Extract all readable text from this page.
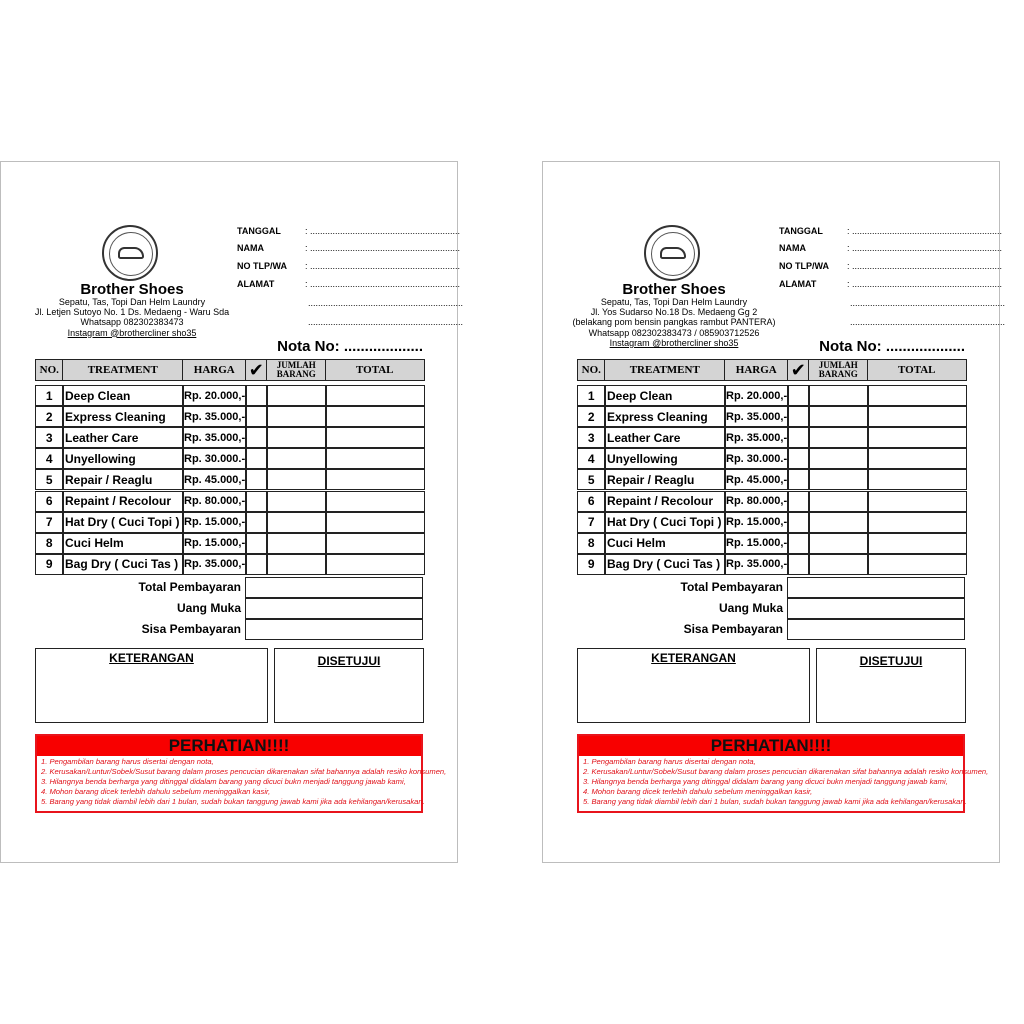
Brother Shoes
Sepatu, Tas, Topi Dan Helm Laundry
Jl. Letjen Sutoyo No. 1 Ds. Medaeng - Waru Sda
Whatsapp 082302383473
Instagram @brothercliner sho35
TANGGAL	: ............................................................
NAMA	: ............................................................
NO TLP/WA : ............................................................
ALAMAT	: ............................................................
..............................................................
..............................................................
Nota No: ...................
NO.	TREATMENT	HARGA ✔	JUMLAH BARANG	TOTAL
1	Deep Clean	Rp. 20.000,-
2	Express Cleaning	Rp. 35.000,-
3	Leather Care	Rp. 35.000,-
4	Unyellowing	Rp. 30.000.-
5	Repair / Reaglu	Rp. 45.000,-
6	Repaint / Recolour	Rp. 80.000,-
7	Hat Dry ( Cuci Topi ) Rp. 15.000,-
8	Cuci Helm	Rp. 15.000,-
9	Bag Dry ( Cuci Tas ) Rp. 35.000,-
Total Pembayaran
Uang Muka
Sisa Pembayaran
KETERANGAN	DISETUJUI
PERHATIAN!!!!
1. Pengambilan barang harus disertai dengan nota,
2. Kerusakan/Luntur/Sobek/Susut barang dalam proses pencucian dikarenakan sifat bahannya adalah resiko konsumen,
3. Hilangnya benda berharga yang ditinggal didalam barang yang dicuci bukn menjadi tanggung jawab kami,
4. Mohon barang dicek terlebih dahulu sebelum meninggalkan kasir,
5. Barang yang tidak diambil lebih dari 1 bulan, sudah bukan tanggung jawab kami jika ada kehilangan/kerusakan.
Brother Shoes
Sepatu, Tas, Topi Dan Helm Laundry
Jl. Yos Sudarso No.18 Ds. Medaeng Gg 2
(belakang pom bensin pangkas rambut PANTERA)
Whatsapp 082302383473 / 085903712526
Instagram @brothercliner sho35
TANGGAL	: ............................................................
NAMA	: ............................................................
NO TLP/WA : ............................................................
ALAMAT	: ............................................................
..............................................................
..............................................................
Nota No: ...................
NO.	TREATMENT	HARGA ✔	JUMLAH BARANG	TOTAL
1	Deep Clean	Rp. 20.000,-
2	Express Cleaning	Rp. 35.000,-
3	Leather Care	Rp. 35.000,-
4	Unyellowing	Rp. 30.000.-
5	Repair / Reaglu	Rp. 45.000,-
6	Repaint / Recolour	Rp. 80.000,-
7	Hat Dry ( Cuci Topi ) Rp. 15.000,-
8	Cuci Helm	Rp. 15.000,-
9	Bag Dry ( Cuci Tas ) Rp. 35.000,-
Total Pembayaran
Uang Muka
Sisa Pembayaran
KETERANGAN	DISETUJUI
PERHATIAN!!!!
1. Pengambilan barang harus disertai dengan nota,
2. Kerusakan/Luntur/Sobek/Susut barang dalam proses pencucian dikarenakan sifat bahannya adalah resiko konsumen,
3. Hilangnya benda berharga yang ditinggal didalam barang yang dicuci bukn menjadi tanggung jawab kami,
4. Mohon barang dicek terlebih dahulu sebelum meninggalkan kasir,
5. Barang yang tidak diambil lebih dari 1 bulan, sudah bukan tanggung jawab kami jika ada kehilangan/kerusakan.
